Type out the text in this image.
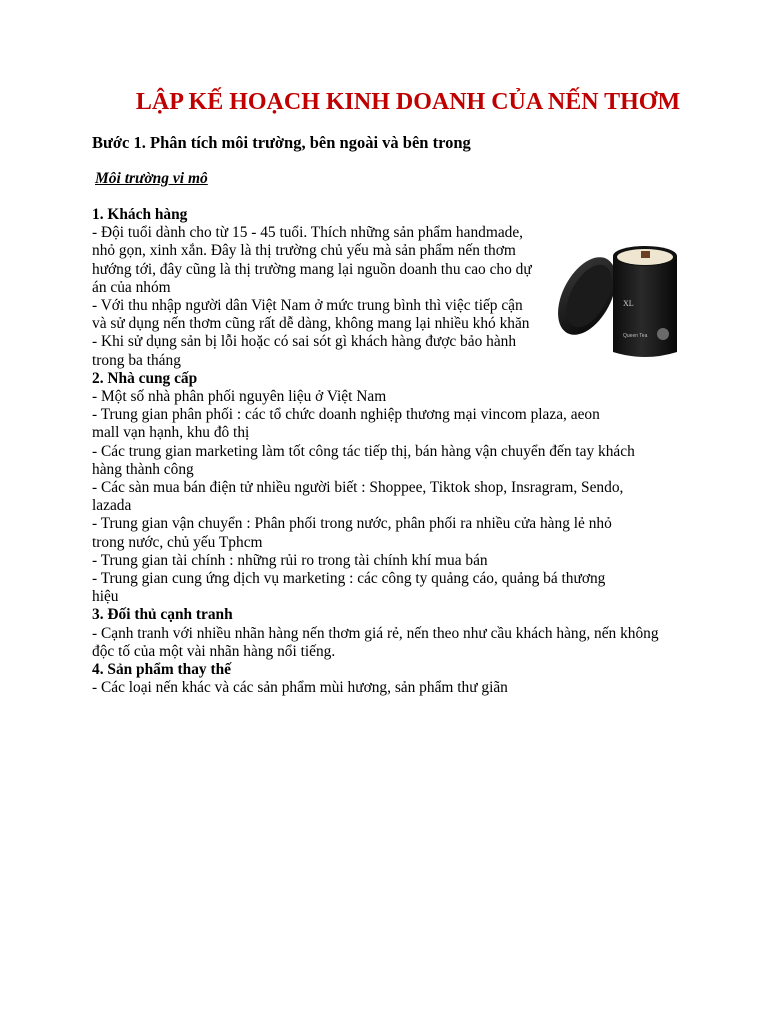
LẬP KẾ HOẠCH KINH DOANH CỦA NẾN THƠM

Bước 1. Phân tích môi trường, bên ngoài và bên trong

Môi trường vi mô

1. Khách hàng

- Đội tuổi dành cho từ 15 - 45 tuổi. Thích những sản phẩm handmade, nhỏ gọn, xinh xắn. Đây là thị trường chủ yếu mà sản phẩm nến thơm hướng tới, đây cũng là thị trường mang lại nguồn doanh thu cao cho dự án của nhóm

- Với thu nhập người dân Việt Nam ở mức trung bình thì việc tiếp cận và sử dụng nến thơm cũng rất dễ dàng, không mang lại nhiều khó khăn

- Khi sử dụng sản bị lỗi hoặc có sai sót gì khách hàng được bảo hành trong ba tháng

2. Nhà cung cấp

- Một số nhà phân phối nguyên liệu ở Việt Nam

- Trung gian phân phối : các tổ chức doanh nghiệp thương mại vincom plaza, aeon mall vạn hạnh, khu đô thị

- Các trung gian marketing làm tốt công tác tiếp thị, bán hàng vận chuyển đến tay khách hàng thành công

- Các sàn mua bán điện tử nhiều người biết : Shoppee, Tiktok shop, Insragram, Sendo, lazada

- Trung gian vận chuyển : Phân phối trong nước, phân phối ra nhiều cửa hàng lẻ nhỏ trong nước, chủ yếu Tphcm

- Trung gian tài chính : những rủi ro trong tài chính khí mua bán

- Trung gian cung ứng dịch vụ marketing : các công ty quảng cáo, quảng bá thương hiệu

3. Đối thủ cạnh tranh

- Cạnh tranh với nhiều nhãn hàng nến thơm giá rẻ, nến theo như cầu khách hàng, nến không độc tố của một vài nhãn hàng nổi tiếng.

4. Sản phẩm thay thế

- Các loại nến khác và các sản phẩm mùi hương, sản phẩm thư giãn

XL
Queen Tea
